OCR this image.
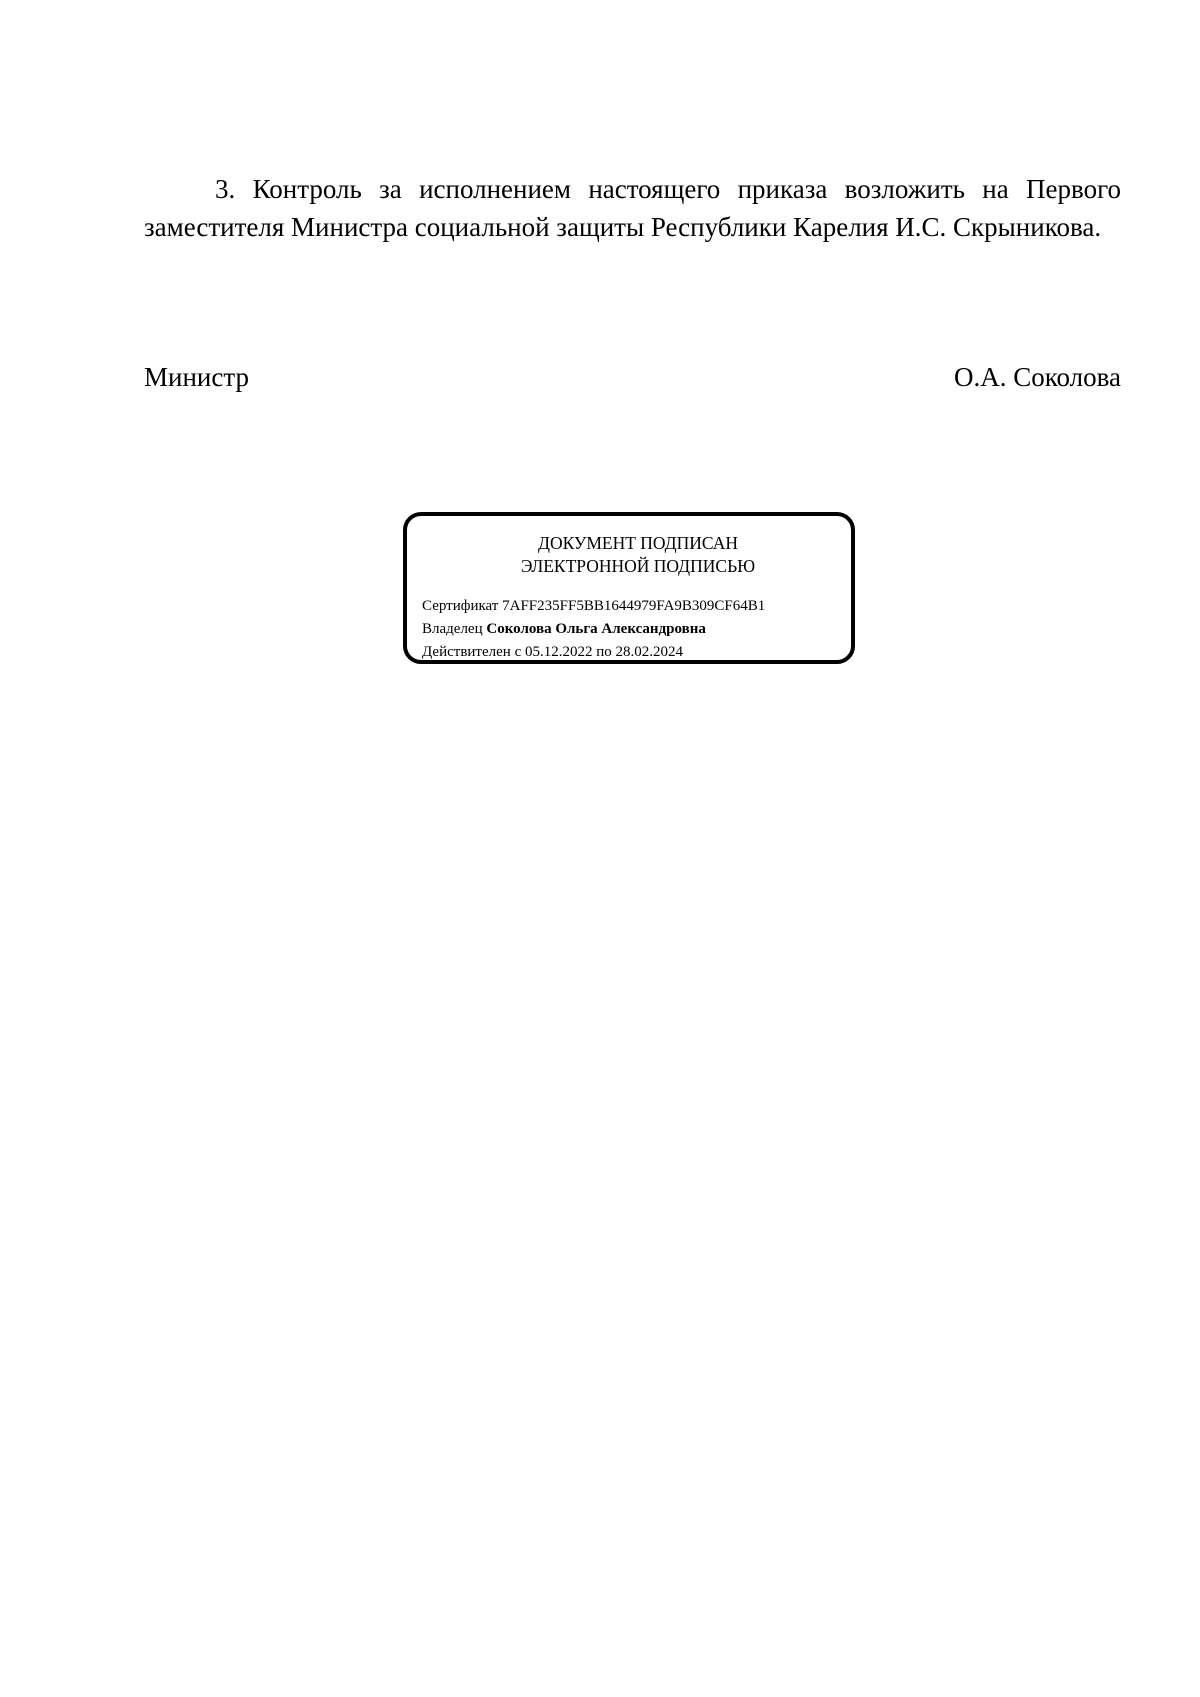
3. Контроль за исполнением настоящего приказа возложить на Первого заместителя Министра социальной защиты Республики Карелия И.С. Скрыникова.

Министр	О.А. Соколова
ДОКУМЕНТ ПОДПИСАН
ЭЛЕКТРОННОЙ ПОДПИСЬЮ
Сертификат 7AFF235FF5BB1644979FA9B309CF64B1
Владелец Соколова Ольга Александровна
Действителен с 05.12.2022 по 28.02.2024
